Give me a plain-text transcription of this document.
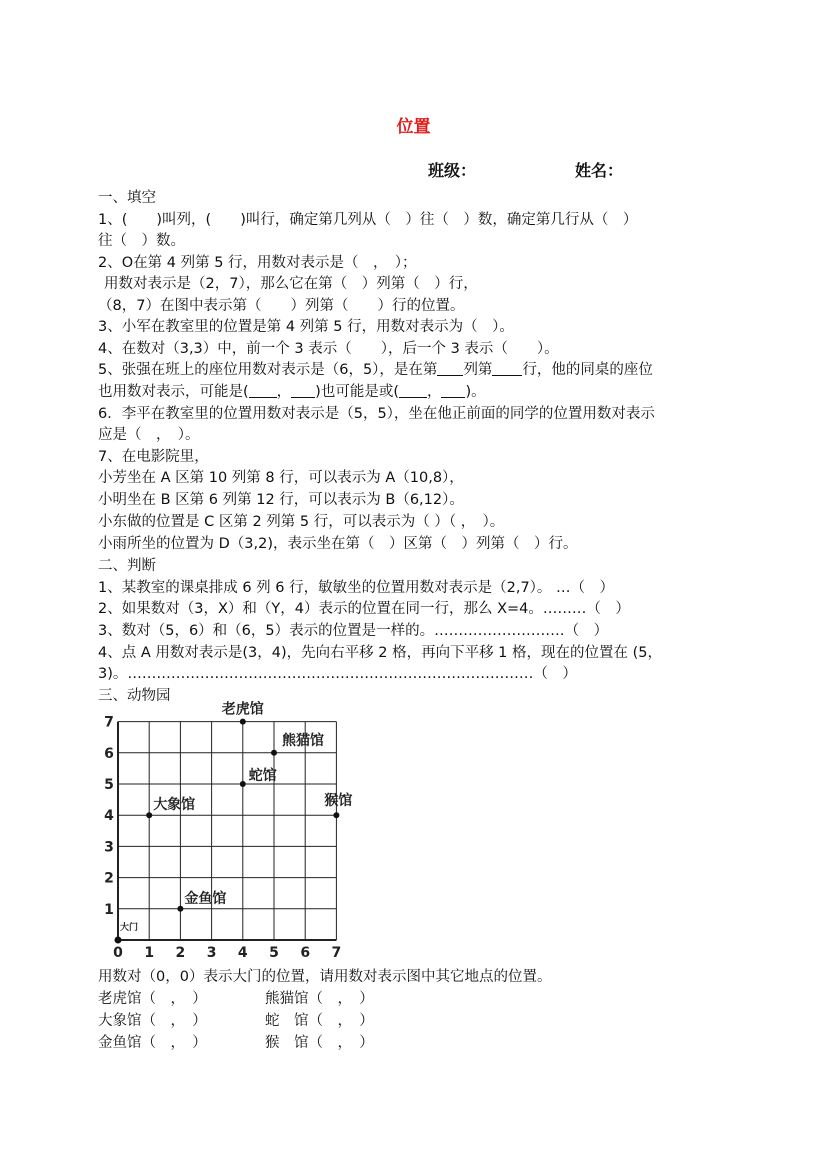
位置
班级：	姓名：
一、填空
1、(　　)叫列，(　　)叫行，确定第几列从（　）往（　）数，确定第几行从（　）
往（　）数。
2、O在第 4 列第 5 行，用数对表示是（　，　）；
用数对表示是（2，7），那么它在第（　）列第（　）行，
（8，7）在图中表示第（　　）列第（　　）行的位置。
3、小军在教室里的位置是第 4 列第 5 行，用数对表示为（　）。
4、在数对（3,3）中，前一个 3 表示（　　），后一个 3 表示（　　）。
5、张强在班上的座位用数对表示是（6，5），是在第 列第 行，他的同桌的座位
也用数对表示，可能是( ， )也可能是或( ， )。
6．李平在教室里的位置用数对表示是（5，5），坐在他正前面的同学的位置用数对表示
应是（　，　）。
7、在电影院里，
小芳坐在 A 区第 10 列第 8 行，可以表示为 A（10,8），
小明坐在 B 区第 6 列第 12 行，可以表示为 B（6,12）。
小东做的位置是 C 区第 2 列第 5 行，可以表示为（ ）（ ，　）。
小雨所坐的位置为 D（3,2)，表示坐在第（　）区第（　）列第（　）行。
二、判断
1、某教室的课桌排成 6 列 6 行，敏敏坐的位置用数对表示是（2,7）。 …（　）
2、如果数对（3，X）和（Y，4）表示的位置在同一行，那么 X=4。………（　）
3、数对（5，6）和（6，5）表示的位置是一样的。………………………（　）
4、点 A 用数对表示是(3，4)，先向右平移 2 格，再向下平移 1 格，现在的位置在 (5，
3)。…………………………………………………………………………（　）
三、动物园
0 1 2 3 4 5 6 7
1
2
3
4
5
6
7
大门
金鱼馆
大象馆
蛇馆
老虎馆
熊猫馆
猴馆
用数对（0，0）表示大门的位置，请用数对表示图中其它地点的位置。
老虎馆（　，　）	熊猫馆（　，　）
大象馆（　，　）	蛇　馆（　，　）
金鱼馆（　，　）	猴　馆（　，　）
